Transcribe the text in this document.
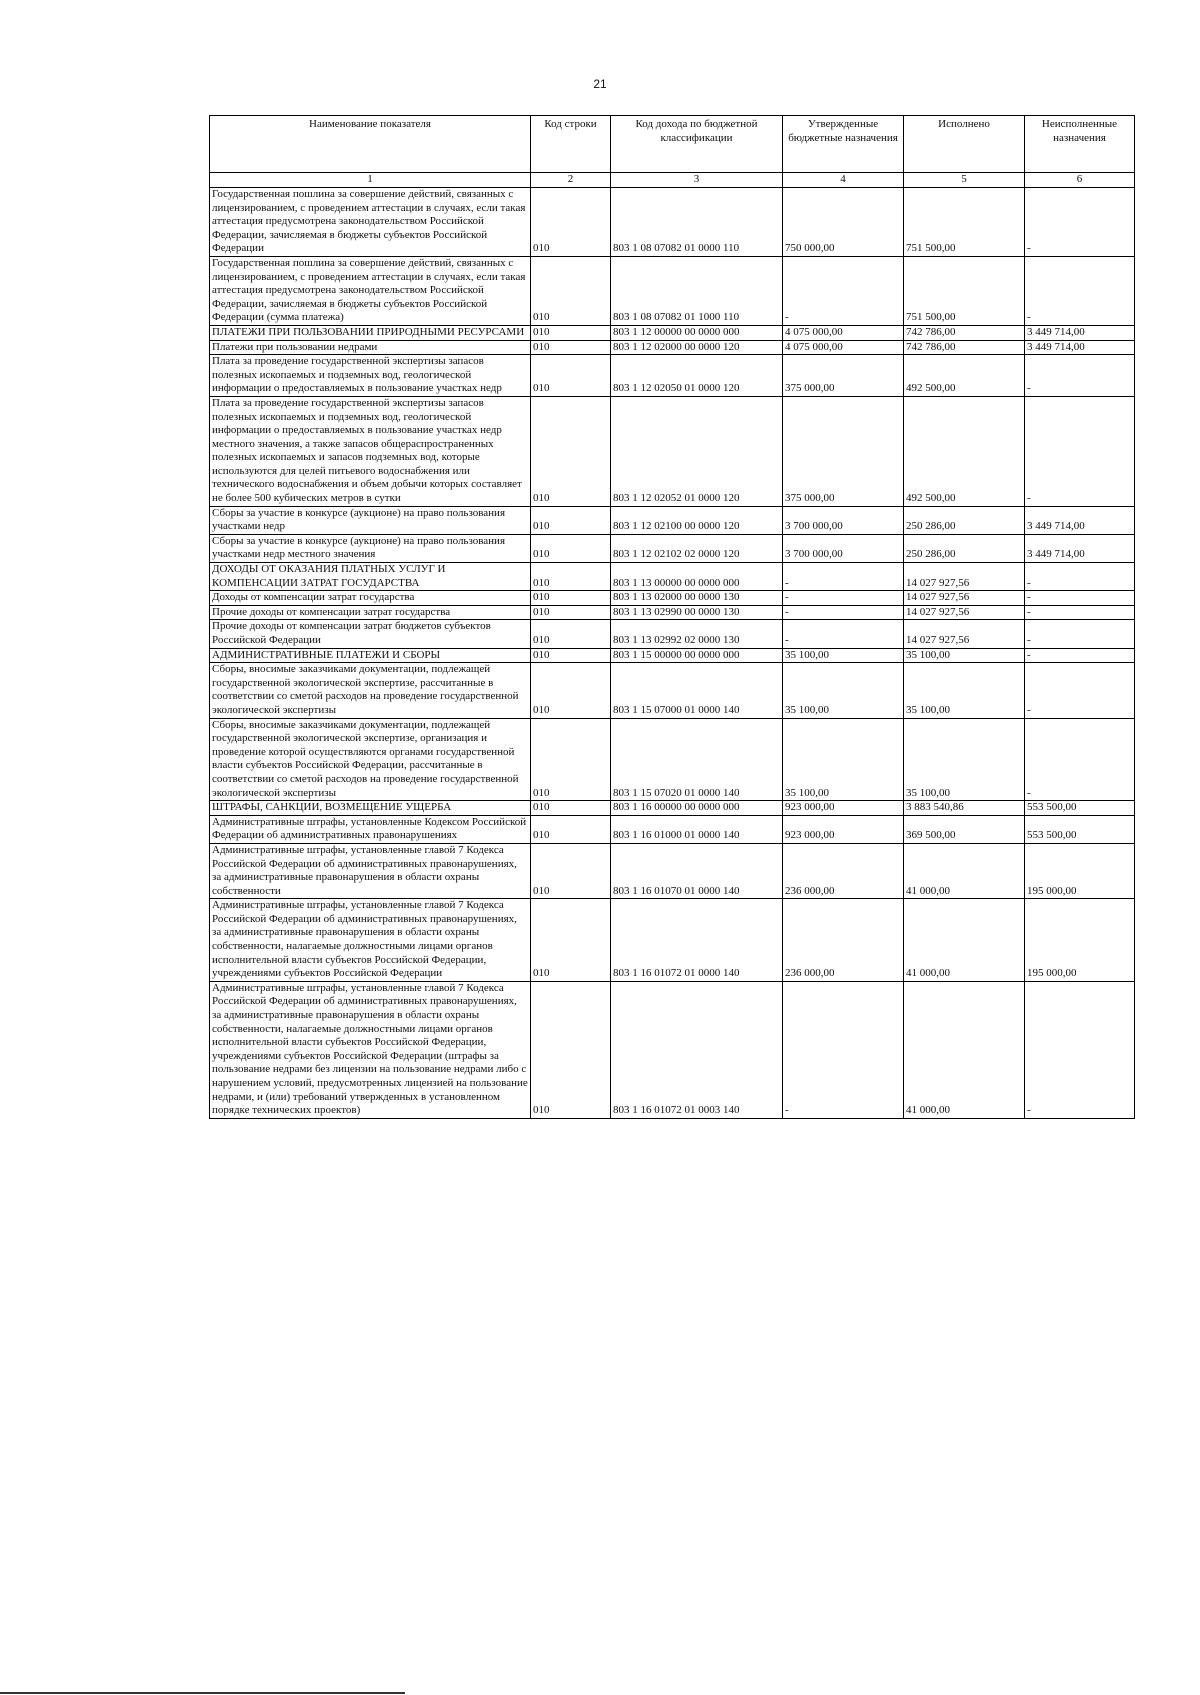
21
Наименование показателя	Код строки	Код дохода по бюджетной классификации	Утвержденные бюджетные назначения	Исполнено	Неисполненные назначения
1	2	3	4	5	6

Государственная пошлина за совершение действий, связанных с лицензированием, с проведением аттестации в случаях, если такая аттестация предусмотрена законодательством Российской Федерации, зачисляемая в бюджеты субъектов Российской Федерации	010	803 1 08 07082 01 0000 110	750 000,00	751 500,00	-

Государственная пошлина за совершение действий, связанных с лицензированием, с проведением аттестации в случаях, если такая аттестация предусмотрена законодательством Российской Федерации, зачисляемая в бюджеты субъектов Российской Федерации (сумма платежа)	010	803 1 08 07082 01 1000 110	-	751 500,00	-

ПЛАТЕЖИ ПРИ ПОЛЬЗОВАНИИ ПРИРОДНЫМИ РЕСУРСАМИ	010	803 1 12 00000 00 0000 000	4 075 000,00	742 786,00	3 449 714,00

Платежи при пользовании недрами	010	803 1 12 02000 00 0000 120	4 075 000,00	742 786,00	3 449 714,00

Плата за проведение государственной экспертизы запасов полезных ископаемых и подземных вод, геологической информации о предоставляемых в пользование участках недр	010	803 1 12 02050 01 0000 120	375 000,00	492 500,00	-

Плата за проведение государственной экспертизы запасов полезных ископаемых и подземных вод, геологической информации о предоставляемых в пользование участках недр местного значения, а также запасов общераспространенных полезных ископаемых и запасов подземных вод, которые используются для целей питьевого водоснабжения или технического водоснабжения и объем добычи которых составляет не более 500 кубических метров в сутки	010	803 1 12 02052 01 0000 120	375 000,00	492 500,00	-

Сборы за участие в конкурсе (аукционе) на право пользования участками недр	010	803 1 12 02100 00 0000 120	3 700 000,00	250 286,00	3 449 714,00

Сборы за участие в конкурсе (аукционе) на право пользования участками недр местного значения	010	803 1 12 02102 02 0000 120	3 700 000,00	250 286,00	3 449 714,00

ДОХОДЫ ОТ ОКАЗАНИЯ ПЛАТНЫХ УСЛУГ И КОМПЕНСАЦИИ ЗАТРАТ ГОСУДАРСТВА	010	803 1 13 00000 00 0000 000	-	14 027 927,56	-

Доходы от компенсации затрат государства	010	803 1 13 02000 00 0000 130	-	14 027 927,56	-

Прочие доходы от компенсации затрат государства	010	803 1 13 02990 00 0000 130	-	14 027 927,56	-

Прочие доходы от компенсации затрат бюджетов субъектов Российской Федерации	010	803 1 13 02992 02 0000 130	-	14 027 927,56	-

АДМИНИСТРАТИВНЫЕ ПЛАТЕЖИ И СБОРЫ	010	803 1 15 00000 00 0000 000	35 100,00	35 100,00	-

Сборы, вносимые заказчиками документации, подлежащей государственной экологической экспертизе, рассчитанные в соответствии со сметой расходов на проведение государственной экологической экспертизы	010	803 1 15 07000 01 0000 140	35 100,00	35 100,00	-

Сборы, вносимые заказчиками документации, подлежащей государственной экологической экспертизе, организация и проведение которой осуществляются органами государственной власти субъектов Российской Федерации, рассчитанные в соответствии со сметой расходов на проведение государственной экологической экспертизы	010	803 1 15 07020 01 0000 140	35 100,00	35 100,00	-

ШТРАФЫ, САНКЦИИ, ВОЗМЕЩЕНИЕ УЩЕРБА	010	803 1 16 00000 00 0000 000	923 000,00	3 883 540,86	553 500,00

Административные штрафы, установленные Кодексом Российской Федерации об административных правонарушениях	010	803 1 16 01000 01 0000 140	923 000,00	369 500,00	553 500,00

Административные штрафы, установленные главой 7 Кодекса Российской Федерации об административных правонарушениях, за административные правонарушения в области охраны собственности	010	803 1 16 01070 01 0000 140	236 000,00	41 000,00	195 000,00

Административные штрафы, установленные главой 7 Кодекса Российской Федерации об административных правонарушениях, за административные правонарушения в области охраны собственности, налагаемые должностными лицами органов исполнительной власти субъектов Российской Федерации, учреждениями субъектов Российской Федерации	010	803 1 16 01072 01 0000 140	236 000,00	41 000,00	195 000,00

Административные штрафы, установленные главой 7 Кодекса Российской Федерации об административных правонарушениях, за административные правонарушения в области охраны собственности, налагаемые должностными лицами органов исполнительной власти субъектов Российской Федерации, учреждениями субъектов Российской Федерации (штрафы за пользование недрами без лицензии на пользование недрами либо с нарушением условий, предусмотренных лицензией на пользование недрами, и (или) требований утвержденных в установленном порядке технических проектов)	010	803 1 16 01072 01 0003 140	-	41 000,00	-
